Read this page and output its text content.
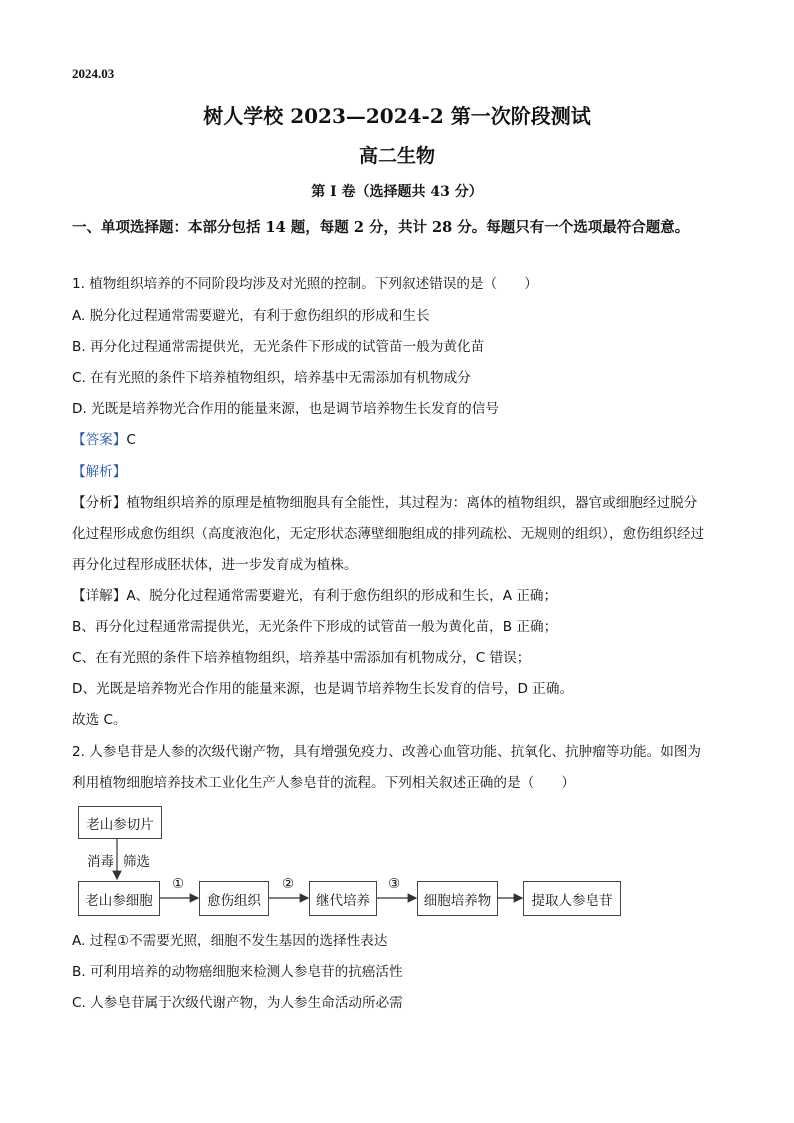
2024.03
树人学校 2023—2024-2 第一次阶段测试
高二生物
第 I 卷（选择题共 43 分）
一、单项选择题：本部分包括 14 题，每题 2 分，共计 28 分。每题只有一个选项最符合题意。
1. 植物组织培养的不同阶段均涉及对光照的控制。下列叙述错误的是（　　）
A. 脱分化过程通常需要避光，有利于愈伤组织的形成和生长
B. 再分化过程通常需提供光，无光条件下形成的试管苗一般为黄化苗
C. 在有光照的条件下培养植物组织，培养基中无需添加有机物成分
D. 光既是培养物光合作用的能量来源，也是调节培养物生长发育的信号
【答案】C
【解析】
【分析】植物组织培养的原理是植物细胞具有全能性，其过程为：离体的植物组织，器官或细胞经过脱分
化过程形成愈伤组织（高度液泡化，无定形状态薄壁细胞组成的排列疏松、无规则的组织），愈伤组织经过
再分化过程形成胚状体，进一步发育成为植株。
【详解】A、脱分化过程通常需要避光，有利于愈伤组织的形成和生长，A 正确；
B、再分化过程通常需提供光，无光条件下形成的试管苗一般为黄化苗，B 正确；
C、在有光照的条件下培养植物组织，培养基中需添加有机物成分，C 错误；
D、光既是培养物光合作用的能量来源，也是调节培养物生长发育的信号，D 正确。
故选 C。
2. 人参皂苷是人参的次级代谢产物，具有增强免疫力、改善心血管功能、抗氧化、抗肿瘤等功能。如图为
利用植物细胞培养技术工业化生产人参皂苷的流程。下列相关叙述正确的是（　　）
老山参切片
消毒 筛选
老山参细胞
①
愈伤组织
②
继代培养
③
细胞培养物	提取人参皂苷
A. 过程①不需要光照，细胞不发生基因的选择性表达
B. 可利用培养的动物癌细胞来检测人参皂苷的抗癌活性
C. 人参皂苷属于次级代谢产物，为人参生命活动所必需
